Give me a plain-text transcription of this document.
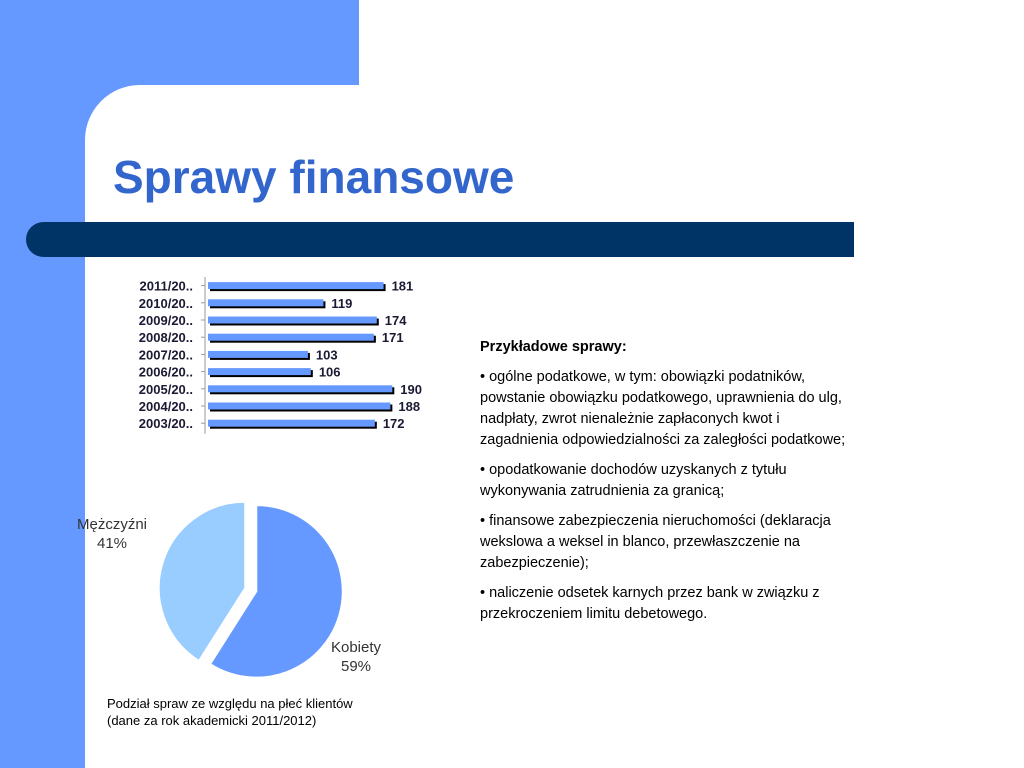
Sprawy finansowe
2011/20..	181
2010/20..	119
2009/20..	174
2008/20..	171
2007/20..	103
2006/20..	106
2005/20..	190
2004/20..	188
2003/20..	172
Kobiety
59%
Mężczyźni
41%
Podział spraw ze względu na płeć klientów
(dane za rok akademicki 2011/2012)
Przykładowe sprawy:
• ogólne podatkowe, w tym: obowiązki podatników, powstanie obowiązku podatkowego, uprawnienia do ulg, nadpłaty, zwrot nienależnie zapłaconych kwot i zagadnienia odpowiedzialności za zaległości podatkowe;
• opodatkowanie dochodów uzyskanych z tytułu wykonywania zatrudnienia za granicą;
• finansowe zabezpieczenia nieruchomości (deklaracja wekslowa a weksel in blanco, przewłaszczenie na zabezpieczenie);
• naliczenie odsetek karnych przez bank w związku z przekroczeniem limitu debetowego.
